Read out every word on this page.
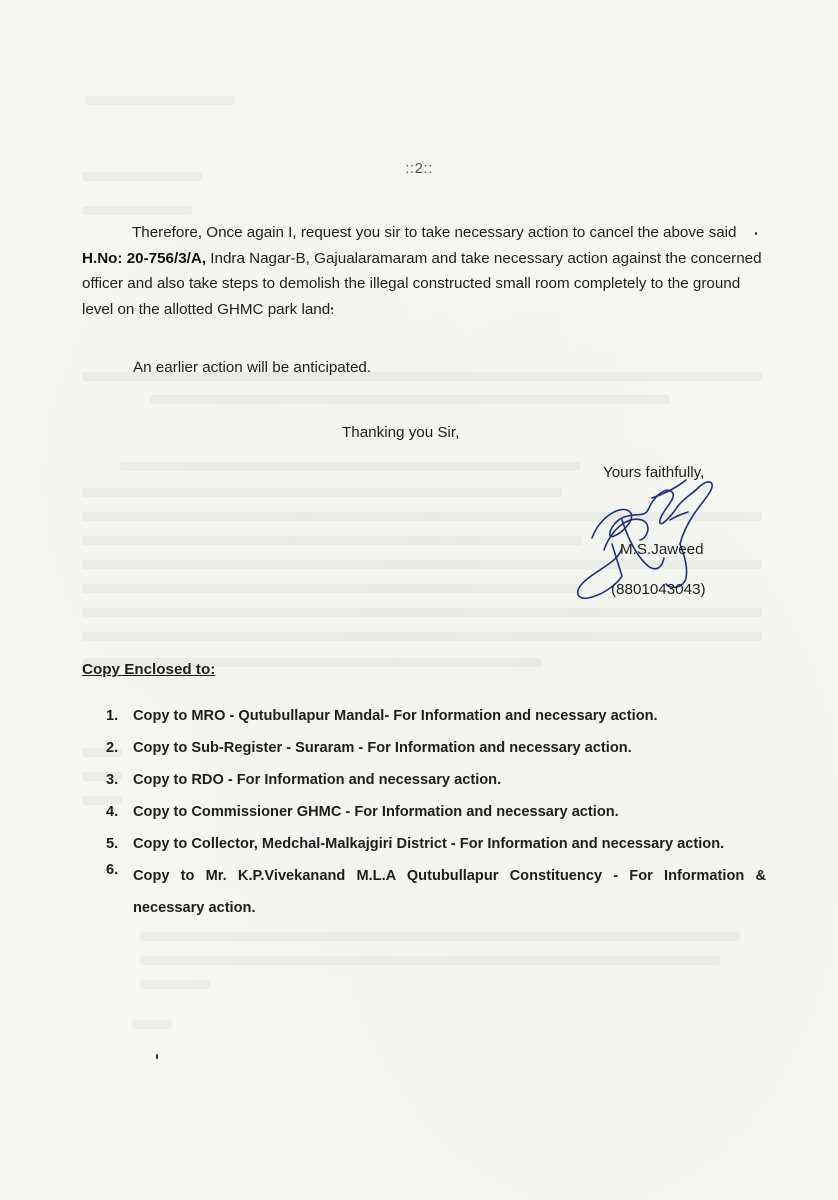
::2::
Therefore, Once again I, request you sir to take necessary action to cancel the above said H.No: 20-756/3/A, Indra Nagar-B, Gajualaramaram and take necessary action against the concerned officer and also take steps to demolish the illegal constructed small room completely to the ground level on the allotted GHMC park land.
An earlier action will be anticipated.
Thanking you Sir,
Yours faithfully,
M.S.Jaweed
(8801043043)
Copy Enclosed to:
1. Copy to MRO - Qutubullapur Mandal- For Information and necessary action.
2. Copy to Sub-Register - Suraram - For Information and necessary action.
3. Copy to RDO - For Information and necessary action.
4. Copy to Commissioner GHMC - For Information and necessary action.
5. Copy to Collector, Medchal-Malkajgiri District - For Information and necessary action.
6. Copy to Mr. K.P.Vivekanand M.L.A Qutubullapur Constituency - For Information & necessary action.
